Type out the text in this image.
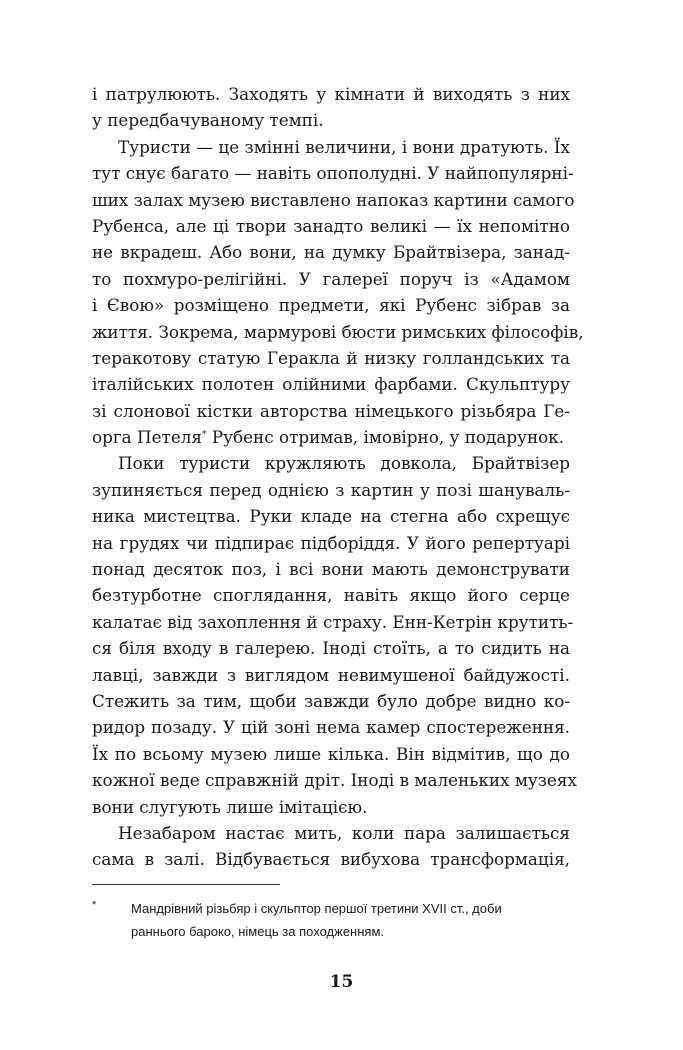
і патрулюють. Заходять у кімнати й виходять з них
у передбачуваному темпі.
Туристи — це змінні величини, і вони дратують. Їх
тут снує багато — навіть опополудні. У найпопулярні-
ших залах музею виставлено напоказ картини самого
Рубенса, але ці твори занадто великі — їх непомітно
не вкрадеш. Або вони, на думку Брайтвізера, занад-
то похмуро-релігійні. У галереї поруч із «Адамом
і Євою» розміщено предмети, які Рубенс зібрав за
життя. Зокрема, мармурові бюсти римських філософів,
теракотову статую Геракла й низку голландських та
італійських полотен олійними фарбами. Скульптуру
зі слонової кістки авторства німецького різьбяра Ге-
орга Петеля* Рубенс отримав, імовірно, у подарунок.
Поки туристи кружляють довкола, Брайтвізер
зупиняється перед однією з картин у позі шануваль-
ника мистецтва. Руки кладе на стегна або схрещує
на грудях чи підпирає підборіддя. У його репертуарі
понад десяток поз, і всі вони мають демонструвати
безтурботне споглядання, навіть якщо його серце
калатає від захоплення й страху. Енн-Кетрін крутить-
ся біля входу в галерею. Іноді стоїть, а то сидить на
лавці, завжди з виглядом невимушеної байдужості.
Стежить за тим, щоби завжди було добре видно ко-
ридор позаду. У цій зоні нема камер спостереження.
Їх по всьому музею лише кілька. Він відмітив, що до
кожної веде справжній дріт. Іноді в маленьких музеях
вони слугують лише імітацією.
Незабаром настає мить, коли пара залишається
сама в залі. Відбувається вибухова трансформація,
*	Мандрівний різьбяр і скульптор першої третини XVII ст., доби
раннього бароко, німець за походженням.
15
